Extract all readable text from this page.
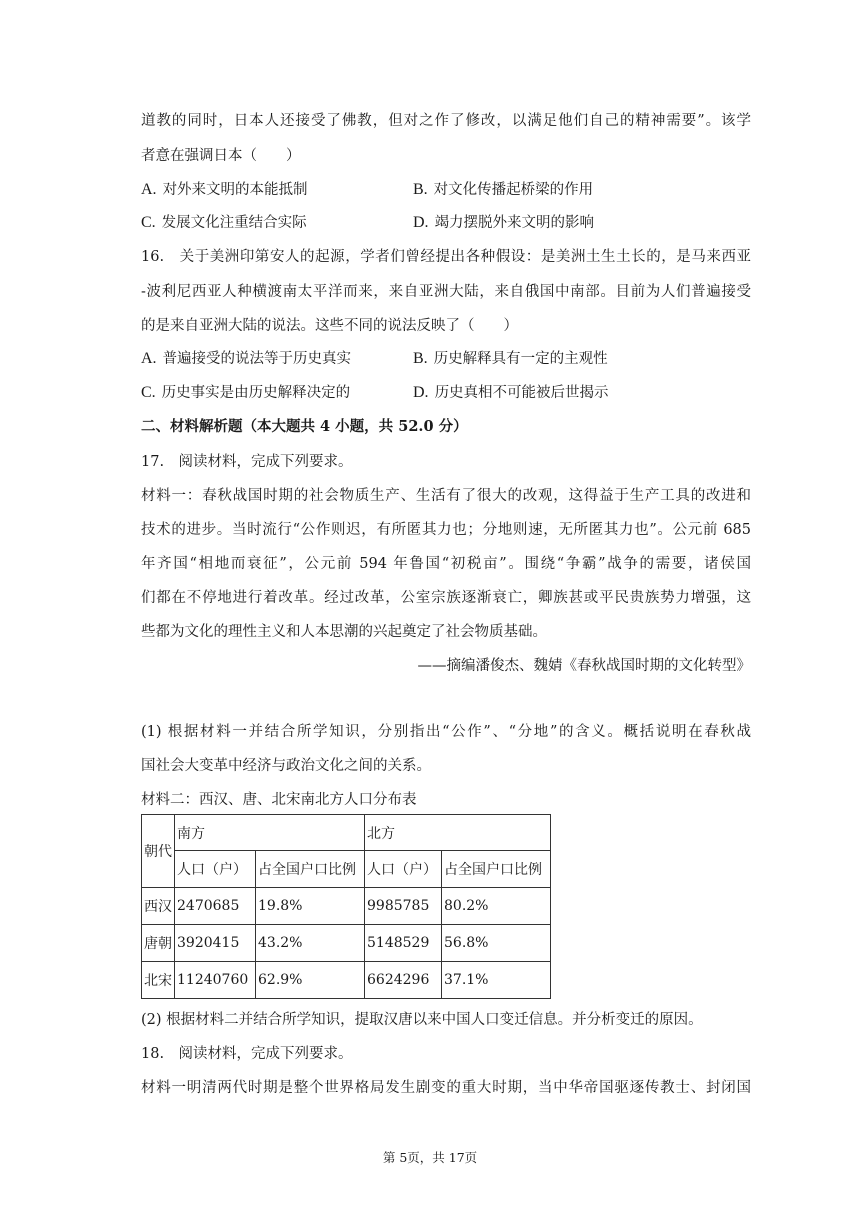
道教的同时，日本人还接受了佛教，但对之作了修改，以满足他们自己的精神需要”。该学
者意在强调日本（　　）
A. 对外来文明的本能抵制	B. 对文化传播起桥梁的作用
C. 发展文化注重结合实际	D. 竭力摆脱外来文明的影响
16.　关于美洲印第安人的起源，学者们曾经提出各种假设：是美洲土生土长的，是马来西亚
-波利尼西亚人种横渡南太平洋而来，来自亚洲大陆，来自俄国中南部。目前为人们普遍接受
的是来自亚洲大陆的说法。这些不同的说法反映了（　　）
A. 普遍接受的说法等于历史真实	B. 历史解释具有一定的主观性
C. 历史事实是由历史解释决定的	D. 历史真相不可能被后世揭示
二、材料解析题（本大题共 4 小题，共 52.0 分）
17.　阅读材料，完成下列要求。
材料一：春秋战国时期的社会物质生产、生活有了很大的改观，这得益于生产工具的改进和
技术的进步。当时流行“公作则迟，有所匿其力也；分地则速，无所匿其力也”。公元前 685
年齐国“相地而衰征”，公元前 594 年鲁国“初税亩”。围绕“争霸”战争的需要，诸侯国
们都在不停地进行着改革。经过改革，公室宗族逐渐衰亡，卿族甚或平民贵族势力增强，这
些都为文化的理性主义和人本思潮的兴起奠定了社会物质基础。
——摘编潘俊杰、魏婧《春秋战国时期的文化转型》
(1) 根据材料一并结合所学知识，分别指出“公作”、“分地”的含义。概括说明在春秋战
国社会大变革中经济与政治文化之间的关系。
材料二：西汉、唐、北宋南北方人口分布表
朝代	南方		北方	
	人口（户）	占全国户口比例	人口（户）	占全国户口比例
西汉	2470685	19.8%	9985785	80.2%
唐朝	3920415	43.2%	5148529	56.8%
北宋	11240760	62.9%	6624296	37.1%
(2) 根据材料二并结合所学知识，提取汉唐以来中国人口变迁信息。并分析变迁的原因。
18.　阅读材料，完成下列要求。
材料一明清两代时期是整个世界格局发生剧变的重大时期，当中华帝国驱逐传教士、封闭国
第 5页，共 17页
